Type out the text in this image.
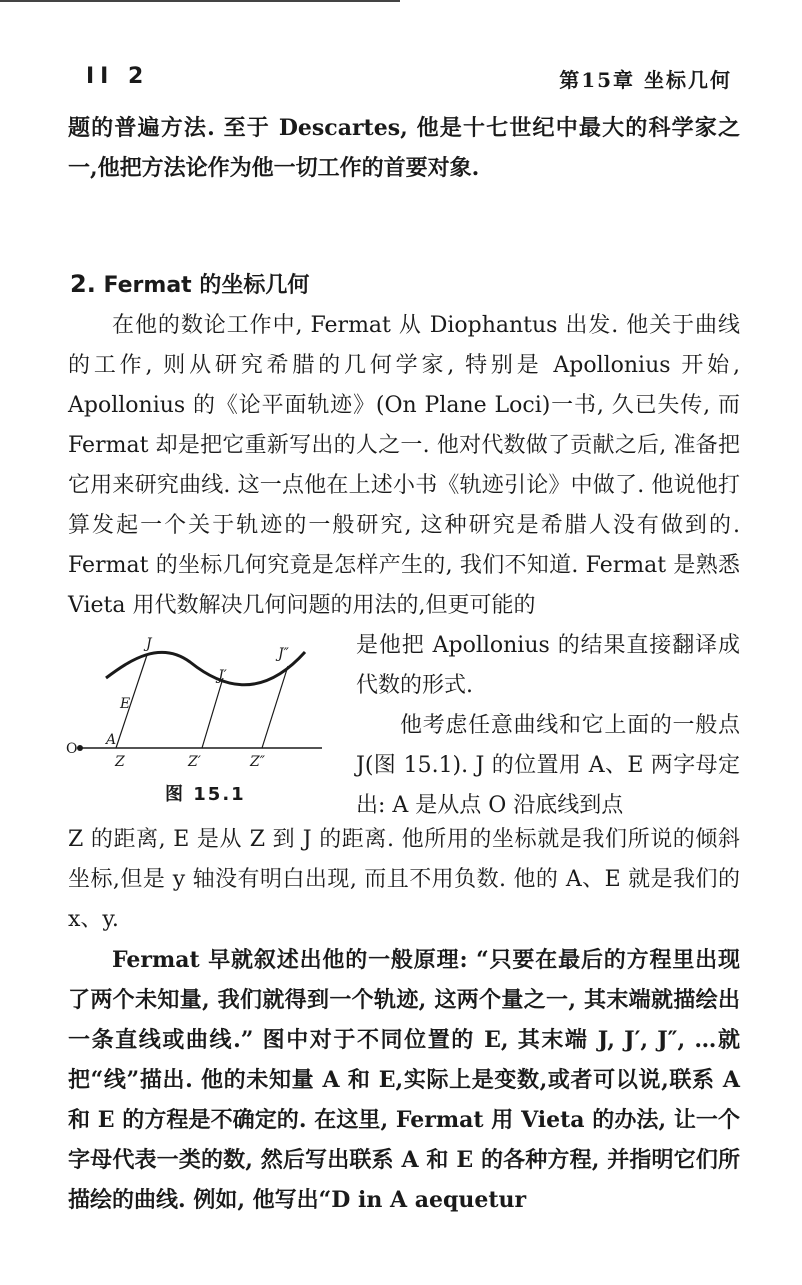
II 2	第15章 坐标几何

题的普遍方法. 至于 Descartes, 他是十七世纪中最大的科学家之一,他把方法论作为他一切工作的首要对象.

2. Fermat 的坐标几何

在他的数论工作中, Fermat 从 Diophantus 出发. 他关于曲线的工作, 则从研究希腊的几何学家, 特别是 Apollonius 开始, Apollonius 的《论平面轨迹》(On Plane Loci)一书, 久已失传, 而 Fermat 却是把它重新写出的人之一. 他对代数做了贡献之后, 准备把它用来研究曲线. 这一点他在上述小书《轨迹引论》中做了. 他说他打算发起一个关于轨迹的一般研究, 这种研究是希腊人没有做到的. Fermat 的坐标几何究竟是怎样产生的, 我们不知道. Fermat 是熟悉 Vieta 用代数解决几何问题的用法的,但更可能的

J
J′
J″
E
A
O
Z	Z′	Z″
图 15.1

是他把 Apollonius 的结果直接翻译成代数的形式.

他考虑任意曲线和它上面的一般点 J(图 15.1). J 的位置用 A、E 两字母定出: A 是从点 O 沿底线到点

Z 的距离, E 是从 Z 到 J 的距离. 他所用的坐标就是我们所说的倾斜坐标,但是 y 轴没有明白出现, 而且不用负数. 他的 A、E 就是我们的 x、y.

Fermat 早就叙述出他的一般原理: “只要在最后的方程里出现了两个未知量, 我们就得到一个轨迹, 这两个量之一, 其末端就描绘出一条直线或曲线.” 图中对于不同位置的 E, 其末端 J, J′, J″, …就把“线”描出. 他的未知量 A 和 E,实际上是变数,或者可以说,联系 A 和 E 的方程是不确定的. 在这里, Fermat 用 Vieta 的办法, 让一个字母代表一类的数, 然后写出联系 A 和 E 的各种方程, 并指明它们所描绘的曲线. 例如, 他写出“D in A aequetur
